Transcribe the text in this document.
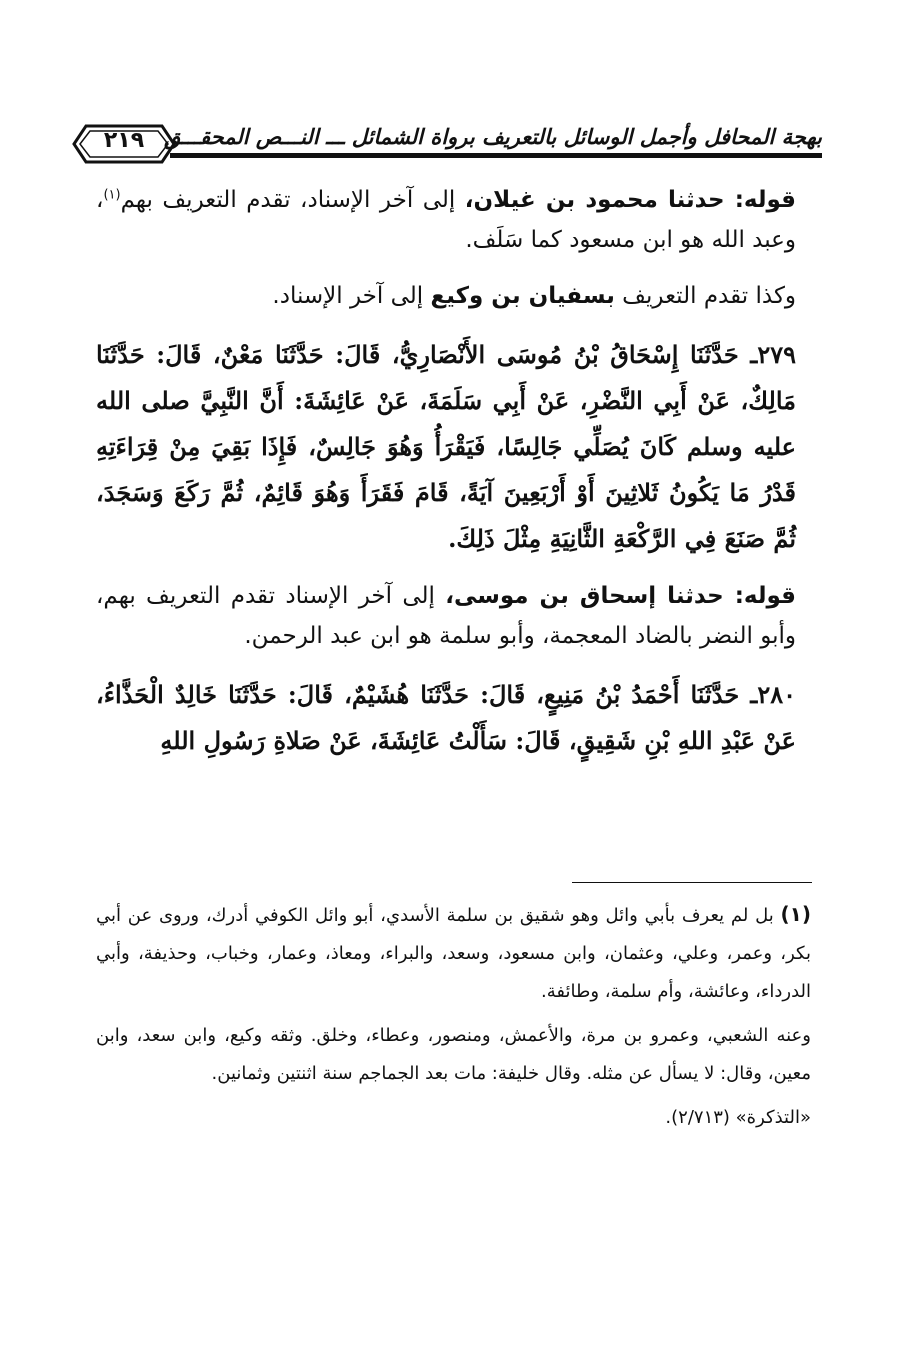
بهجة المحافل وأجمل الوسائل بالتعريف برواة الشمائل ـــ النـــص المحقـــق
٢١٩

قوله: حدثنا محمود بن غيلان، إلى آخر الإسناد، تقدم التعريف بهم$^{(١)}$، وعبد الله هو ابن مسعود كما سَلَف.

وكذا تقدم التعريف بسفيان بن وكيع إلى آخر الإسناد.

٢٧٩ـ حَدَّثَنَا إِسْحَاقُ بْنُ مُوسَى الأَنْصَارِيُّ، قَالَ: حَدَّثَنَا مَعْنٌ، قَالَ: حَدَّثَنَا مَالِكٌ، عَنْ أَبِي النَّضْرِ، عَنْ أَبِي سَلَمَةَ، عَنْ عَائِشَةَ: أَنَّ النَّبِيَّ صلى الله عليه وسلم كَانَ يُصَلِّي جَالِسًا، فَيَقْرَأُ وَهُوَ جَالِسٌ، فَإِذَا بَقِيَ مِنْ قِرَاءَتِهِ قَدْرُ مَا يَكُونُ ثَلاثِينَ أَوْ أَرْبَعِينَ آيَةً، قَامَ فَقَرَأَ وَهُوَ قَائِمٌ، ثُمَّ رَكَعَ وَسَجَدَ، ثُمَّ صَنَعَ فِي الرَّكْعَةِ الثَّانِيَةِ مِثْلَ ذَلِكَ.

قوله: حدثنا إسحاق بن موسى، إلى آخر الإسناد تقدم التعريف بهم، وأبو النضر بالضاد المعجمة، وأبو سلمة هو ابن عبد الرحمن.

٢٨٠ـ حَدَّثَنَا أَحْمَدُ بْنُ مَنِيعٍ، قَالَ: حَدَّثَنَا هُشَيْمٌ، قَالَ: حَدَّثَنَا خَالِدٌ الْحَذَّاءُ، عَنْ عَبْدِ اللهِ بْنِ شَقِيقٍ، قَالَ: سَأَلْتُ عَائِشَةَ، عَنْ صَلاةِ رَسُولِ اللهِ

(١) بل لم يعرف بأبي وائل وهو شقيق بن سلمة الأسدي، أبو وائل الكوفي أدرك، وروى عن أبي بكر، وعمر، وعلي، وعثمان، وابن مسعود، وسعد، والبراء، ومعاذ، وعمار، وخباب، وحذيفة، وأبي الدرداء، وعائشة، وأم سلمة، وطائفة.

وعنه الشعبي، وعمرو بن مرة، والأعمش، ومنصور، وعطاء، وخلق. وثقه وكيع، وابن سعد، وابن معين، وقال: لا يسأل عن مثله. وقال خليفة: مات بعد الجماجم سنة اثنتين وثمانين.

«التذكرة» (٢/٧١٣).
